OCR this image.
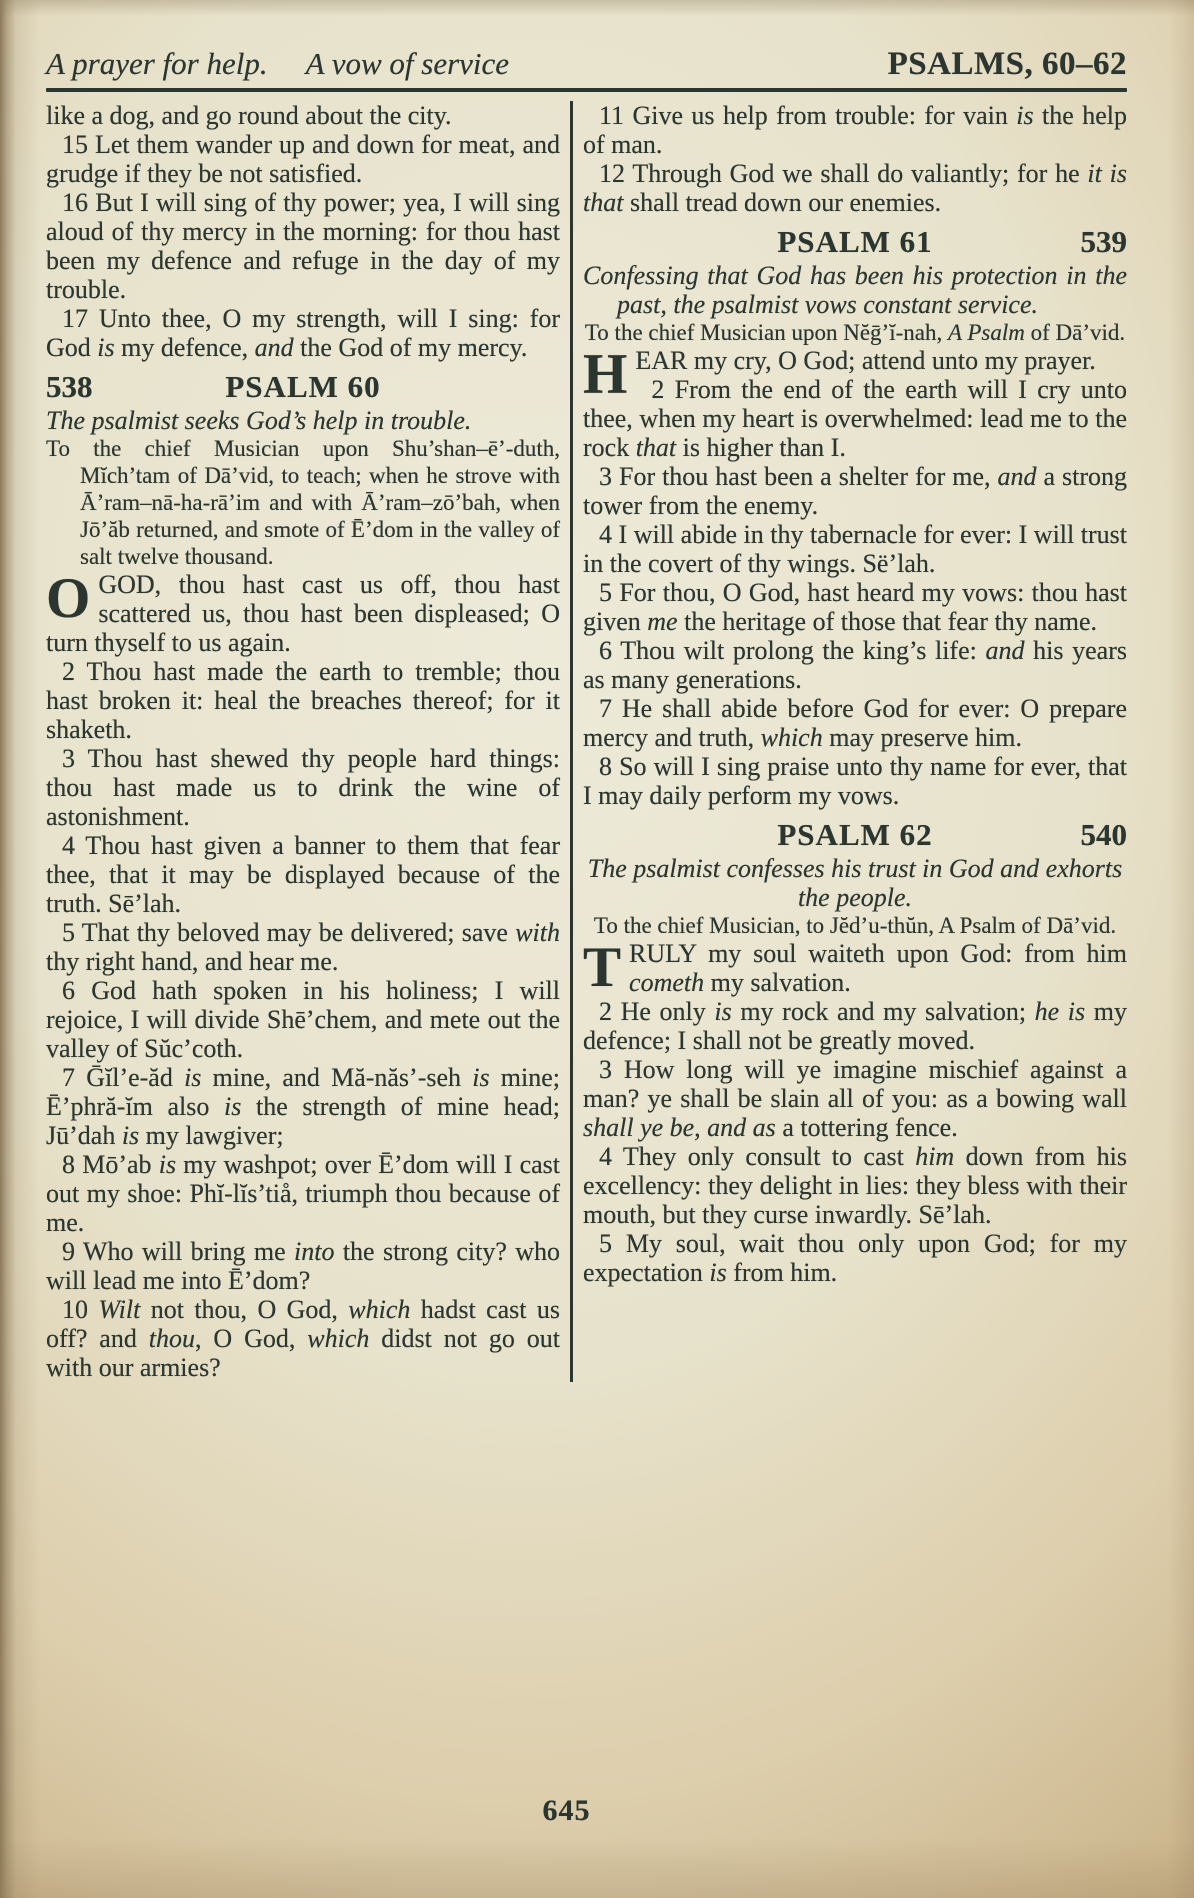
A prayer for help. A vow of service	PSALMS, 60–62

like a dog, and go round about the city.

15 Let them wander up and down for meat, and grudge if they be not satisfied.

16 But I will sing of thy power; yea, I will sing aloud of thy mercy in the morning: for thou hast been my defence and refuge in the day of my trouble.

17 Unto thee, O my strength, will I sing: for God is my defence, and the God of my mercy.

538	PSALM 60

The psalmist seeks God’s help in trouble.

To the chief Musician upon Shu’shan–ē’-duth, Mĭch’tam of Dā’vid, to teach; when he strove with Ā’ram–nā-ha-rā’im and with Ā’ram–zō’bah, when Jō’ăb returned, and smote of Ē’dom in the valley of salt twelve thousand.

OGOD, thou hast cast us off, thou hast scattered us, thou hast been displeased; O turn thyself to us again.

2 Thou hast made the earth to tremble; thou hast broken it: heal the breaches thereof; for it shaketh.

3 Thou hast shewed thy people hard things: thou hast made us to drink the wine of astonishment.

4 Thou hast given a banner to them that fear thee, that it may be displayed because of the truth. Sē’lah.

5 That thy beloved may be delivered; save with thy right hand, and hear me.

6 God hath spoken in his holiness; I will rejoice, I will divide Shē’chem, and mete out the valley of Sŭc’coth.

7 Ḡĭl’e-ăd is mine, and Mă-năs’-seh is mine; Ē’phră-ĭm also is the strength of mine head; Jū’dah is my lawgiver;

8 Mō’ab is my washpot; over Ē’dom will I cast out my shoe: Phĭ-lĭs’tiå, triumph thou because of me.

9 Who will bring me into the strong city? who will lead me into Ē’dom?

10 Wilt not thou, O God, which hadst cast us off? and thou, O God, which didst not go out with our armies?

11 Give us help from trouble: for vain is the help of man.

12 Through God we shall do valiantly; for he it is that shall tread down our enemies.

PSALM 61	539

Confessing that God has been his protection in the past, the psalmist vows constant service.

To the chief Musician upon Nĕḡ’ĭ-nah, A Psalm of Dā’vid.

HEAR my cry, O God; attend unto my prayer.

2 From the end of the earth will I cry unto thee, when my heart is overwhelmed: lead me to the rock that is higher than I.

3 For thou hast been a shelter for me, and a strong tower from the enemy.

4 I will abide in thy tabernacle for ever: I will trust in the covert of thy wings. Së’lah.

5 For thou, O God, hast heard my vows: thou hast given me the heritage of those that fear thy name.

6 Thou wilt prolong the king’s life: and his years as many generations.

7 He shall abide before God for ever: O prepare mercy and truth, which may preserve him.

8 So will I sing praise unto thy name for ever, that I may daily perform my vows.

PSALM 62	540

The psalmist confesses his trust in God and exhorts the people.

To the chief Musician, to Jĕd’u-thŭn, A Psalm of Dā’vid.

TRULY my soul waiteth upon God: from him cometh my salvation.

2 He only is my rock and my salvation; he is my defence; I shall not be greatly moved.

3 How long will ye imagine mischief against a man? ye shall be slain all of you: as a bowing wall shall ye be, and as a tottering fence.

4 They only consult to cast him down from his excellency: they delight in lies: they bless with their mouth, but they curse inwardly. Sē’lah.

5 My soul, wait thou only upon God; for my expectation is from him.

645
